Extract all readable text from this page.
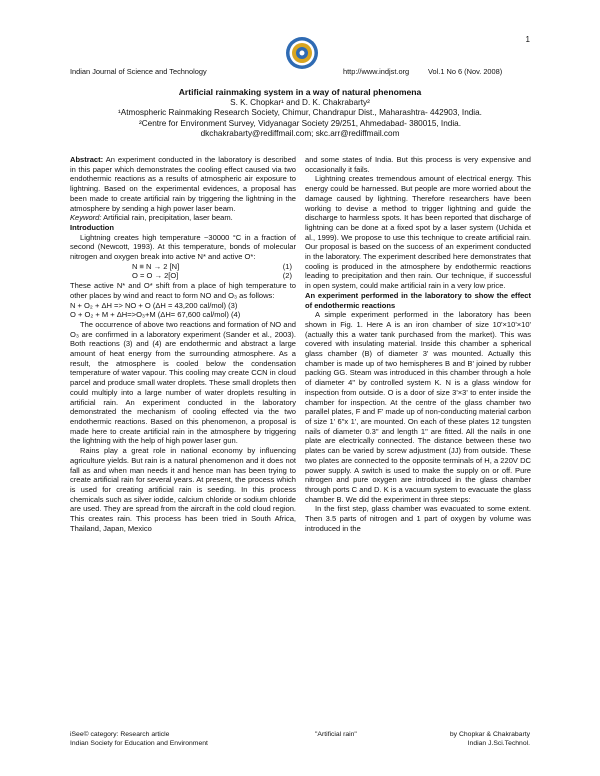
1
Indian Journal of Science and Technology	http://www.indjst.org	Vol.1 No 6 (Nov. 2008)
Artificial rainmaking system in a way of natural phenomena
S. K. Chopkar¹ and D. K. Chakrabarty²
¹Atmospheric Rainmaking Research Society, Chimur, Chandrapur Dist., Maharashtra- 442903, India.
²Centre for Environment Survey, Vidyanagar Society 29/251, Ahmedabad- 380015, India.
dkchakrabarty@rediffmail.com; skc.arr@rediffmail.com

Abstract: An experiment conducted in the laboratory is described in this paper which demonstrates the cooling effect caused via two endothermic reactions as a results of atmospheric air exposure to lightning. Based on the experimental evidences, a proposal has been made to create artificial rain by triggering the lightning in the atmosphere by sending a high power laser beam.

Keyword: Artificial rain, precipitation, laser beam.

Introduction

Lightning creates high temperature ~30000 °C in a fraction of second (Newcott, 1993). At this temperature, bonds of molecular nitrogen and oxygen break into active N* and active O*:

N ≡ N → 2 [N]	(1)
O = O → 2[O]	(2)

These active N* and O* shift from a place of high temperature to other places by wind and react to form NO and O₃ as follows:

N + O₂ + ΔH => NO + O (ΔH = 43,200 cal/mol) (3)
O + O₂ + M + ΔH=>O₃+M (ΔH= 67,600 cal/mol) (4)

The occurrence of above two reactions and formation of NO and O₃ are confirmed in a laboratory experiment (Sander et al., 2003). Both reactions (3) and (4) are endothermic and abstract a large amount of heat energy from the surrounding atmosphere. As a result, the atmosphere is cooled below the condensation temperature of water vapour. This cooling may create CCN in cloud parcel and produce small water droplets. These small droplets then could multiply into a large number of water droplets resulting in artificial rain. An experiment conducted in the laboratory demonstrated the mechanism of cooling effected via the two endothermic reactions. Based on this phenomenon, a proposal is made here to create artificial rain in the atmosphere by triggering the lightning with the help of high power laser gun.

Rains play a great role in national economy by influencing agriculture yields. But rain is a natural phenomenon and it does not fall as and when man needs it and hence man has been trying to create artificial rain for several years. At present, the process which is used for creating artificial rain is seeding. In this process chemicals such as silver iodide, calcium chloride or sodium chloride are used. They are spread from the aircraft in the cold cloud region. This creates rain. This process has been tried in South Africa, Thailand, Japan, Mexico

and some states of India. But this process is very expensive and occasionally it fails.

Lightning creates tremendous amount of electrical energy. This energy could be harnessed. But people are more worried about the damage caused by lightning. Therefore researchers have been working to devise a method to trigger lightning and guide the discharge to harmless spots. It has been reported that discharge of lightning can be done at a fixed spot by a laser system (Uchida et al., 1999). We propose to use this technique to create artificial rain. Our proposal is based on the success of an experiment conducted in the laboratory. The experiment described here demonstrates that cooling is produced in the atmosphere by endothermic reactions leading to precipitation and then rain. Our technique, if successful in open system, could make artificial rain in a very low price.

An experiment performed in the laboratory to show the effect of endothermic reactions

A simple experiment performed in the laboratory has been shown in Fig. 1. Here A is an iron chamber of size 10'×10'×10' (actually this a water tank purchased from the market). This was covered with insulating material. Inside this chamber a spherical glass chamber (B) of diameter 3' was mounted. Actually this chamber is made up of two hemispheres B and B' joined by rubber packing GG. Steam was introduced in this chamber through a hole of diameter 4" by controlled system K. N is a glass window for inspection from outside. O is a door of size 3'×3' to enter inside the chamber for inspection. At the centre of the glass chamber two parallel plates, F and F' made up of non-conducting material carbon of size 1' 6"x 1', are mounted. On each of these plates 12 tungsten nails of diameter 0.3" and length 1" are fitted. All the nails in one plate are electrically connected. The distance between these two plates can be varied by screw adjustment (JJ) from outside. These two plates are connected to the opposite terminals of H, a 220V DC power supply. A switch is used to make the supply on or off. Pure nitrogen and pure oxygen are introduced in the glass chamber through ports C and D. K is a vacuum system to evacuate the glass chamber B. We did the experiment in three steps:

In the first step, glass chamber was evacuated to some extent. Then 3.5 parts of nitrogen and 1 part of oxygen by volume was introduced in the

iSee© category: Research article
Indian Society for Education and Environment
"Artificial rain"	by Chopkar & Chakrabarty
Indian J.Sci.Technol.
